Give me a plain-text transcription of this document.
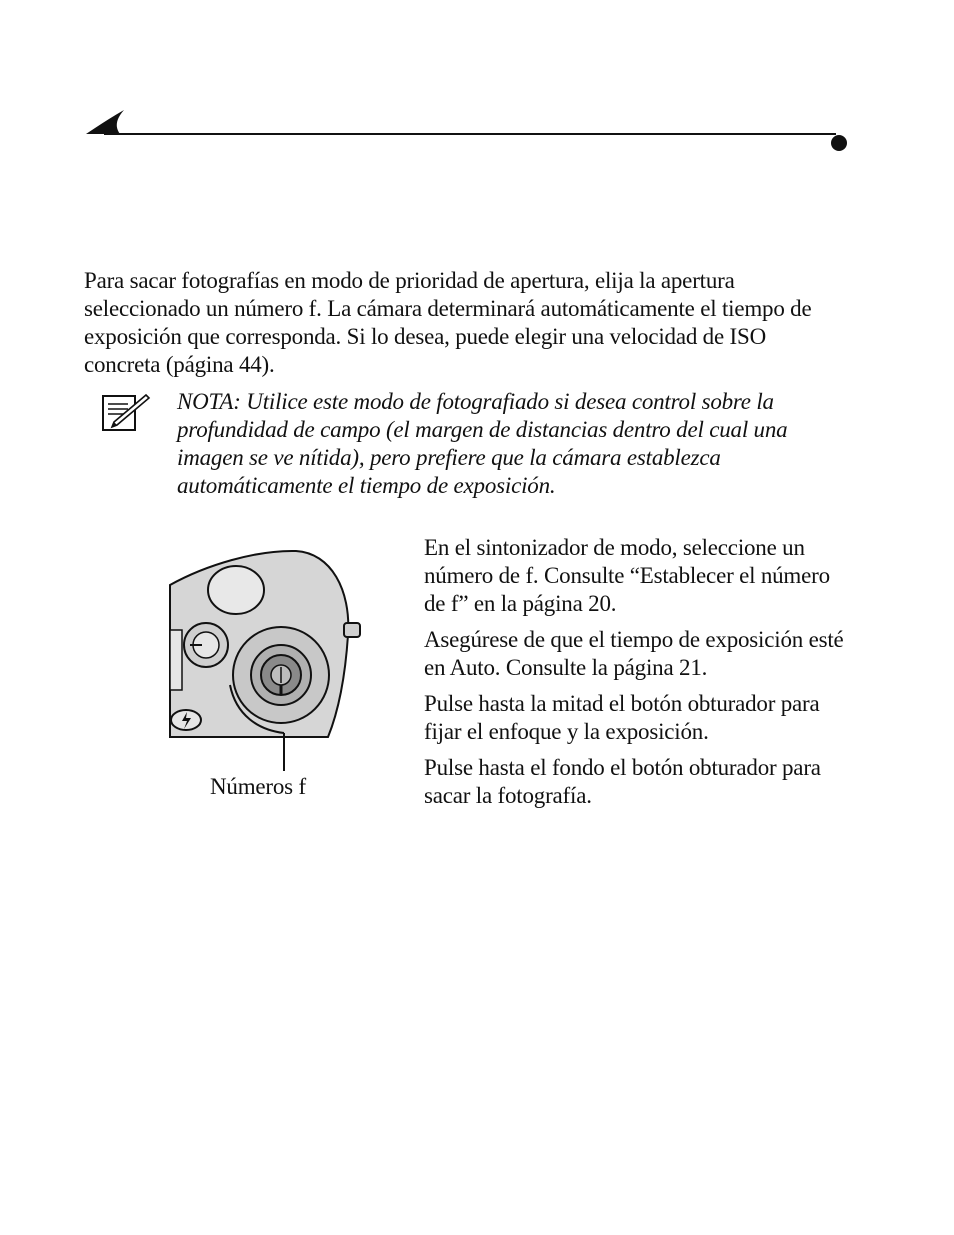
Para sacar fotografías en modo de prioridad de apertura, elija la apertura seleccionado un número f. La cámara determinará automáticamente el tiempo de exposición que corresponda. Si lo desea, puede elegir una velocidad de ISO concreta (página 44).

NOTA: Utilice este modo de fotografiado si desea control sobre la profundidad de campo (el margen de distancias dentro del cual una imagen se ve nítida), pero prefiere que la cámara establezca automáticamente el tiempo de exposición.

Números f

En el sintonizador de modo, seleccione un número de f. Consulte “Establecer el número de f” en la página 20.

Asegúrese de que el tiempo de exposición esté en Auto. Consulte la página 21.

Pulse hasta la mitad el botón obturador para fijar el enfoque y la exposición.

Pulse hasta el fondo el botón obturador para sacar la fotografía.
